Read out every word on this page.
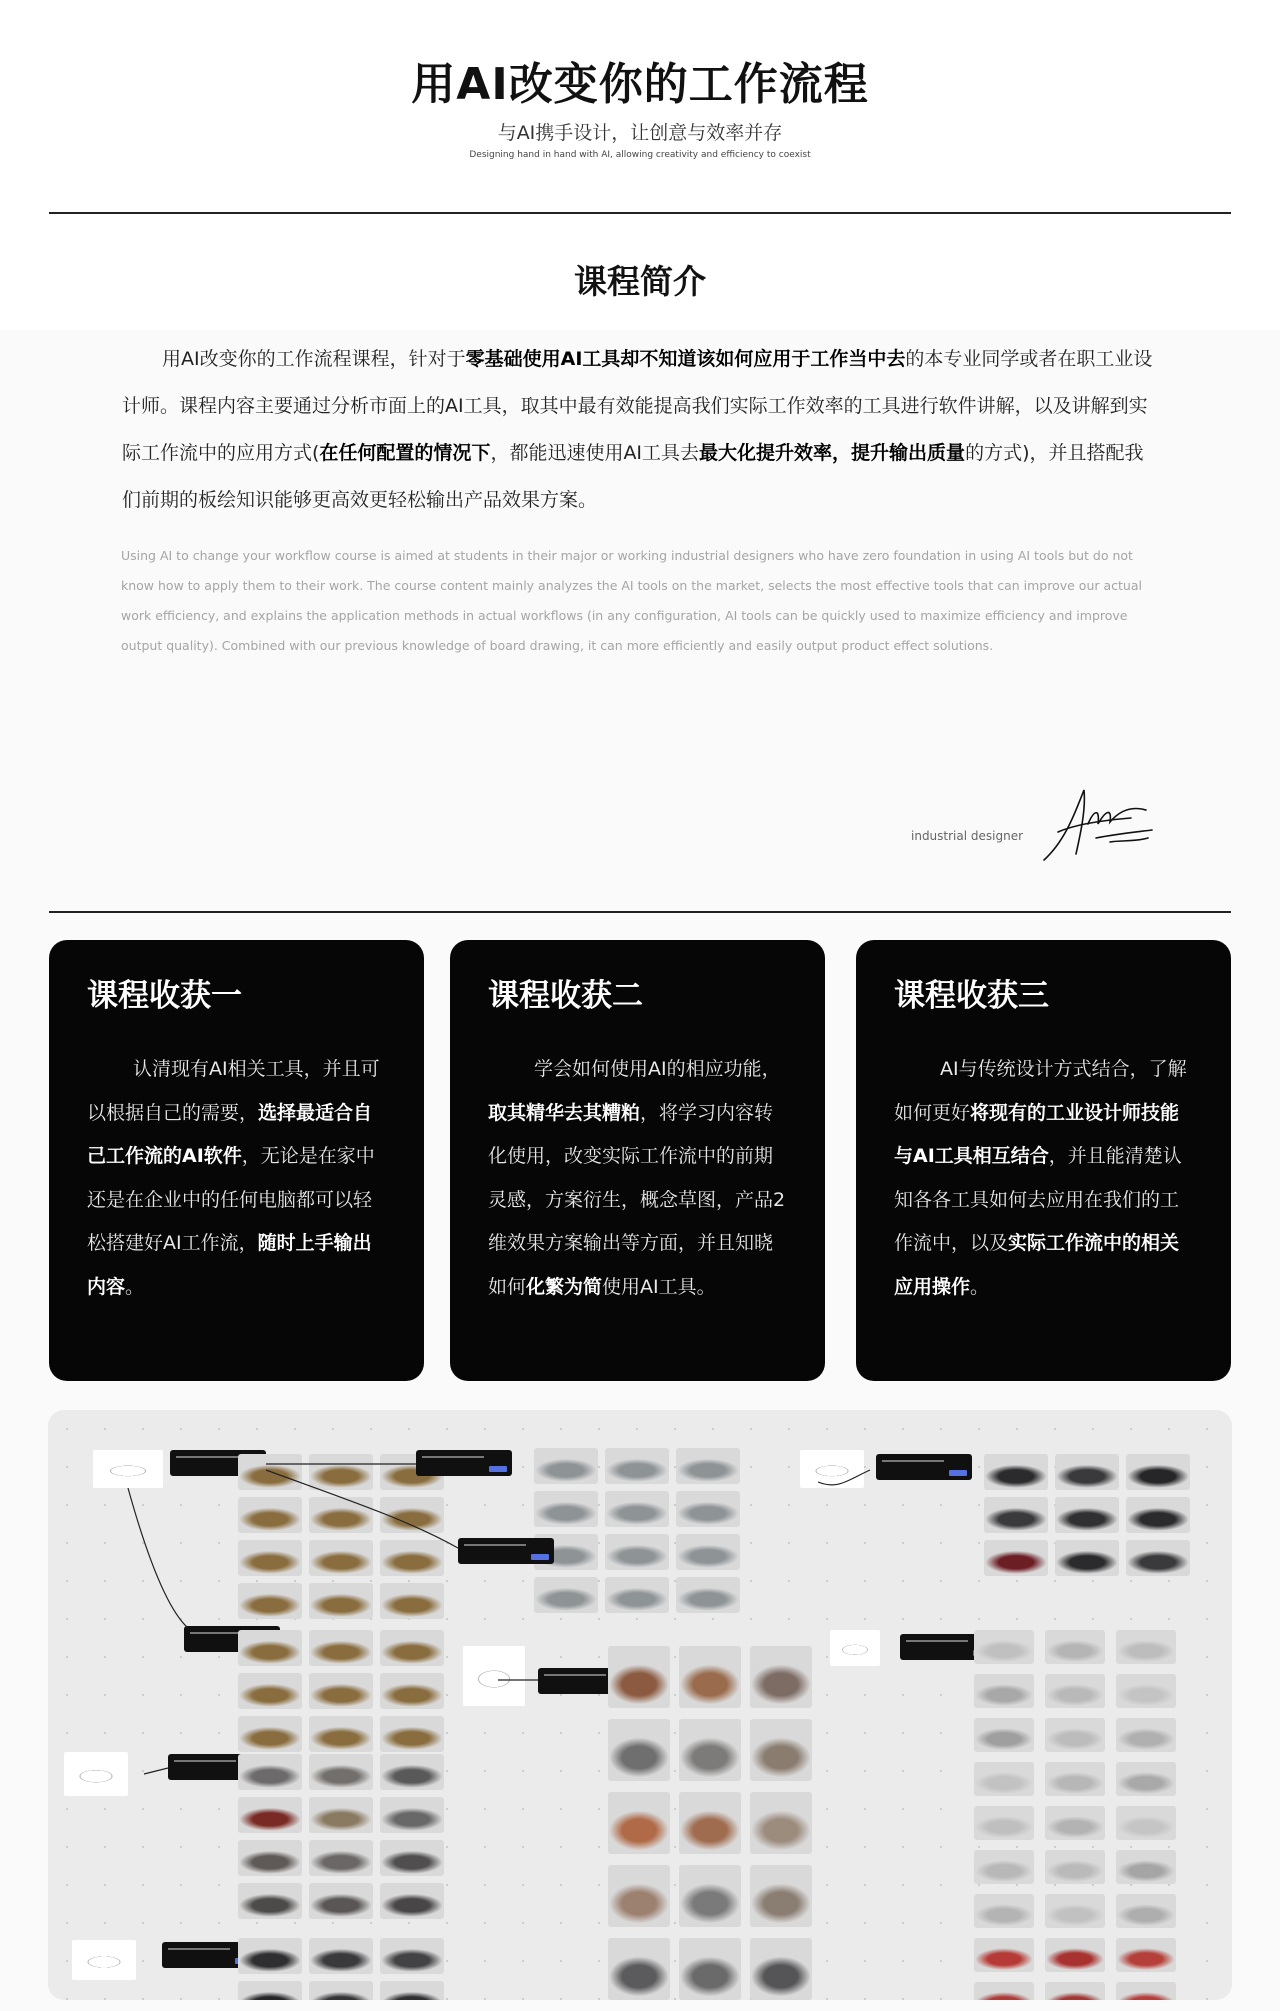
用AI改变你的工作流程
与AI携手设计，让创意与效率并存
Designing hand in hand with AI, allowing creativity and efficiency to coexist
课程简介
用AI改变你的工作流程课程，针对于零基础使用AI工具却不知道该如何应用于工作当中去的本专业同学或者在职工业设计师。课程内容主要通过分析市面上的AI工具，取其中最有效能提高我们实际工作效率的工具进行软件讲解，以及讲解到实际工作流中的应用方式(在任何配置的情况下，都能迅速使用AI工具去最大化提升效率，提升输出质量的方式)，并且搭配我们前期的板绘知识能够更高效更轻松输出产品效果方案。
Using AI to change your workflow course is aimed at students in their major or working industrial designers who have zero foundation in using AI tools but do not know how to apply them to their work. The course content mainly analyzes the AI tools on the market, selects the most effective tools that can improve our actual work efficiency, and explains the application methods in actual workflows (in any configuration, AI tools can be quickly used to maximize efficiency and improve output quality). Combined with our previous knowledge of board drawing, it can more efficiently and easily output product effect solutions.
industrial designer
课程收获一
认清现有AI相关工具，并且可以根据自己的需要，选择最适合自己工作流的AI软件，无论是在家中还是在企业中的任何电脑都可以轻松搭建好AI工作流，随时上手输出内容。
课程收获二
学会如何使用AI的相应功能，取其精华去其糟粕，将学习内容转化使用，改变实际工作流中的前期灵感，方案衍生，概念草图，产品2维效果方案输出等方面，并且知晓如何化繁为简使用AI工具。
课程收获三
AI与传统设计方式结合，了解如何更好将现有的工业设计师技能与AI工具相互结合，并且能清楚认知各各工具如何去应用在我们的工作流中，以及实际工作流中的相关应用操作。
